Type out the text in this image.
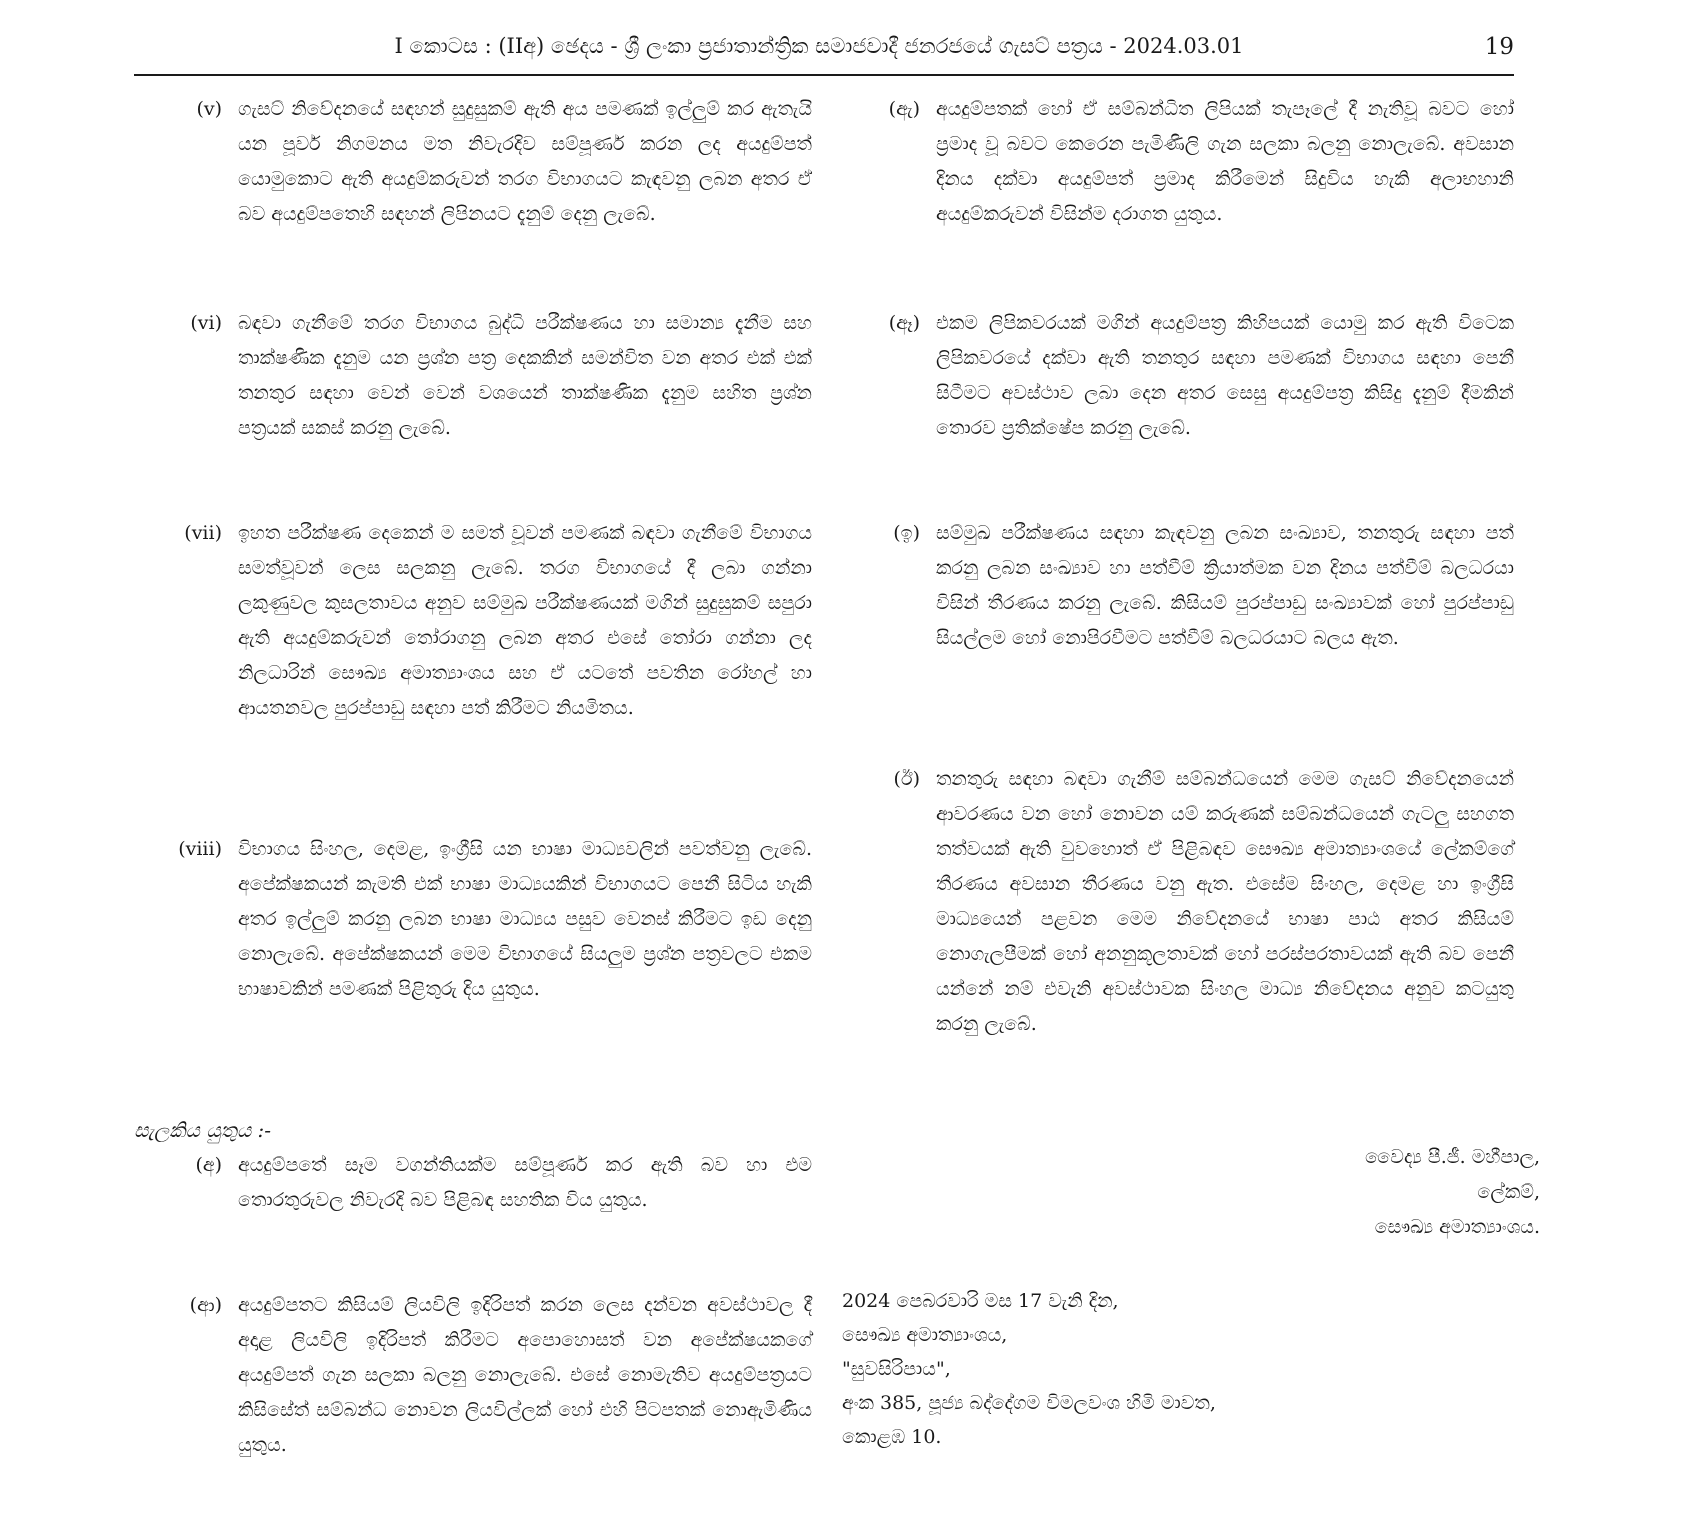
I කොටස : (IIඅ) ඡෙදය - ශ්‍රී ලංකා ප්‍රජාතාන්ත්‍රික සමාජවාදී ජනරජයේ ගැසට් පත්‍රය - 2024.03.01	19
(v) ගැසට් නිවේදනයේ සඳහන් සුදුසුකම් ඇති අය පමණක් ඉල්ලුම් කර ඇතැයි යන පූර්ව නිගමනය මත නිවැරදිව සම්පූර්ණ කරන ලද අයදුම්පත් යොමුකොට ඇති අයදුම්කරුවන් තරග විභාගයට කැඳවනු ලබන අතර ඒ බව අයදුම්පතෙහි සඳහන් ලිපිනයට දැනුම් දෙනු ලැබේ.
(vi) බඳවා ගැනීමේ තරග විභාගය බුද්ධි පරීක්ෂණය හා සමාන්‍ය දැනීම සහ තාක්ෂණික දැනුම යන ප්‍රශ්න පත්‍ර දෙකකින් සමන්විත වන අතර එක් එක් තනතුර සඳහා වෙන් වෙන් වශයෙන් තාක්ෂණික දැනුම සහිත ප්‍රශ්න පත්‍රයක් සකස් කරනු ලැබේ.
(vii) ඉහත පරීක්ෂණ දෙකෙන් ම සමත් වූවන් පමණක් බඳවා ගැනීමේ විභාගය සමත්වූවන් ලෙස සලකනු ලැබේ. තරග විභාගයේ දී ලබා ගන්නා ලකුණුවල කුසලතාවය අනුව සම්මුඛ පරීක්ෂණයක් මගින් සුදුසුකම් සපුරා ඇති අයදුම්කරුවන් තෝරාගනු ලබන අතර එසේ තෝරා ගන්නා ලද නිලධාරින් සෞඛ්‍ය අමාත්‍යාංශය සහ ඒ යටතේ පවතින රෝහල් හා ආයතනවල පුරප්පාඩු සඳහා පත් කිරීමට නියමිතය.
(viii) විභාගය සිංහල, දෙමළ, ඉංග්‍රීසි යන භාෂා මාධ්‍යවලින් පවත්වනු ලැබේ. අපේක්ෂකයන් කැමති එක් භාෂා මාධ්‍යයකින් විභාගයට පෙනී සිටිය හැකි අතර ඉල්ලුම් කරනු ලබන භාෂා මාධ්‍යය පසුව වෙනස් කිරීමට ඉඩ දෙනු නොලැබේ. අපේක්ෂකයන් මෙම විභාගයේ සියලුම ප්‍රශ්න පත්‍රවලට එකම භාෂාවකින් පමණක් පිළිතුරු දිය යුතුය.
සැලකිය යුතුය :-
(අ) අයදුම්පතේ සෑම වගන්තියක්ම සම්පූර්ණ කර ඇති බව හා එම තොරතුරුවල නිවැරදි බව පිළිබඳ සහතික විය යුතුය.
(ආ) අයදුම්පතට කිසියම් ලියවිලි ඉදිරිපත් කරන ලෙස දන්වන අවස්ථාවල දී අදාළ ලියවිලි ඉදිරිපත් කිරීමට අපොහොසත් වන අපේක්ෂයකගේ අයදුම්පත් ගැන සලකා බලනු නොලැබේ. එසේ නොමැතිව අයදුම්පත්‍රයට කිසිසේත් සම්බන්ධ නොවන ලියවිල්ලක් හෝ එහි පිටපතක් නොඇමිණිය යුතුය.
(ඇ) අයදුම්පතක් හෝ ඒ සම්බන්ධිත ලිපියක් තැපෑලේ දී නැතිවූ බවට හෝ ප්‍රමාද වූ බවට කෙරෙන පැමිණිලි ගැන සලකා බලනු නොලැබේ. අවසාන දිනය දක්වා අයදුම්පත් ප්‍රමාද කිරීමෙන් සිදුවිය හැකි අලාභහානි අයදුම්කරුවන් විසින්ම දරාගත යුතුය.
(ඈ) එකම ලිපිකවරයක් මගින් අයදුම්පත්‍ර කිහිපයක් යොමු කර ඇති විටෙක ලිපිකවරයේ දක්වා ඇති තනතුර සඳහා පමණක් විභාගය සඳහා පෙනී සිටීමට අවස්ථාව ලබා දෙන අතර සෙසු අයදුම්පත්‍ර කිසිදු දැනුම් දීමකින් තොරව ප්‍රතික්ෂේප කරනු ලැබේ.
(ඉ) සම්මුඛ පරීක්ෂණය සඳහා කැඳවනු ලබන සංඛ්‍යාව, තනතුරු සඳහා පත් කරනු ලබන සංඛ්‍යාව හා පත්වීම් ක්‍රියාත්මක වන දිනය පත්වීම් බලධරයා විසින් තීරණය කරනු ලැබේ. කිසියම් පුරප්පාඩු සංඛ්‍යාවක් හෝ පුරප්පාඩු සියල්ලම හෝ නොපිරවීමට පත්වීම් බලධරයාට බලය ඇත.
(ඊ) තනතුරු සඳහා බඳවා ගැනීම් සම්බන්ධයෙන් මෙම ගැසට් නිවේදනයෙන් ආවරණය වන හෝ නොවන යම් කරුණක් සම්බන්ධයෙන් ගැටලු සහගත තත්වයක් ඇති වුවහොත් ඒ පිළිබඳව සෞඛ්‍ය අමාත්‍යාංශයේ ලේකම්ගේ තීරණය අවසාන තීරණය වනු ඇත. එසේම සිංහල, දෙමළ හා ඉංග්‍රීසි මාධ්‍යයෙන් පළවන මෙම නිවේදනයේ භාෂා පාඨ අතර කිසියම් නොගැලපීමක් හෝ අනනුකූලතාවක් හෝ පරස්පරතාවයක් ඇති බව පෙනී යන්නේ නම් එවැනි අවස්ථාවක සිංහල මාධ්‍ය නිවේදනය අනුව කටයුතු කරනු ලැබේ.
වෛද්‍ය පී.ජී. මහීපාල,
ලේකම්,
සෞඛ්‍ය අමාත්‍යාංශය.
2024 පෙබරවාරි මස 17 වැනි දින,
සෞඛ්‍ය අමාත්‍යාංශය,
"සුවසිරිපාය",
අංක 385, පූජ්‍ය බද්දේගම විමලවංශ හිමි මාවත,
කොළඹ 10.
